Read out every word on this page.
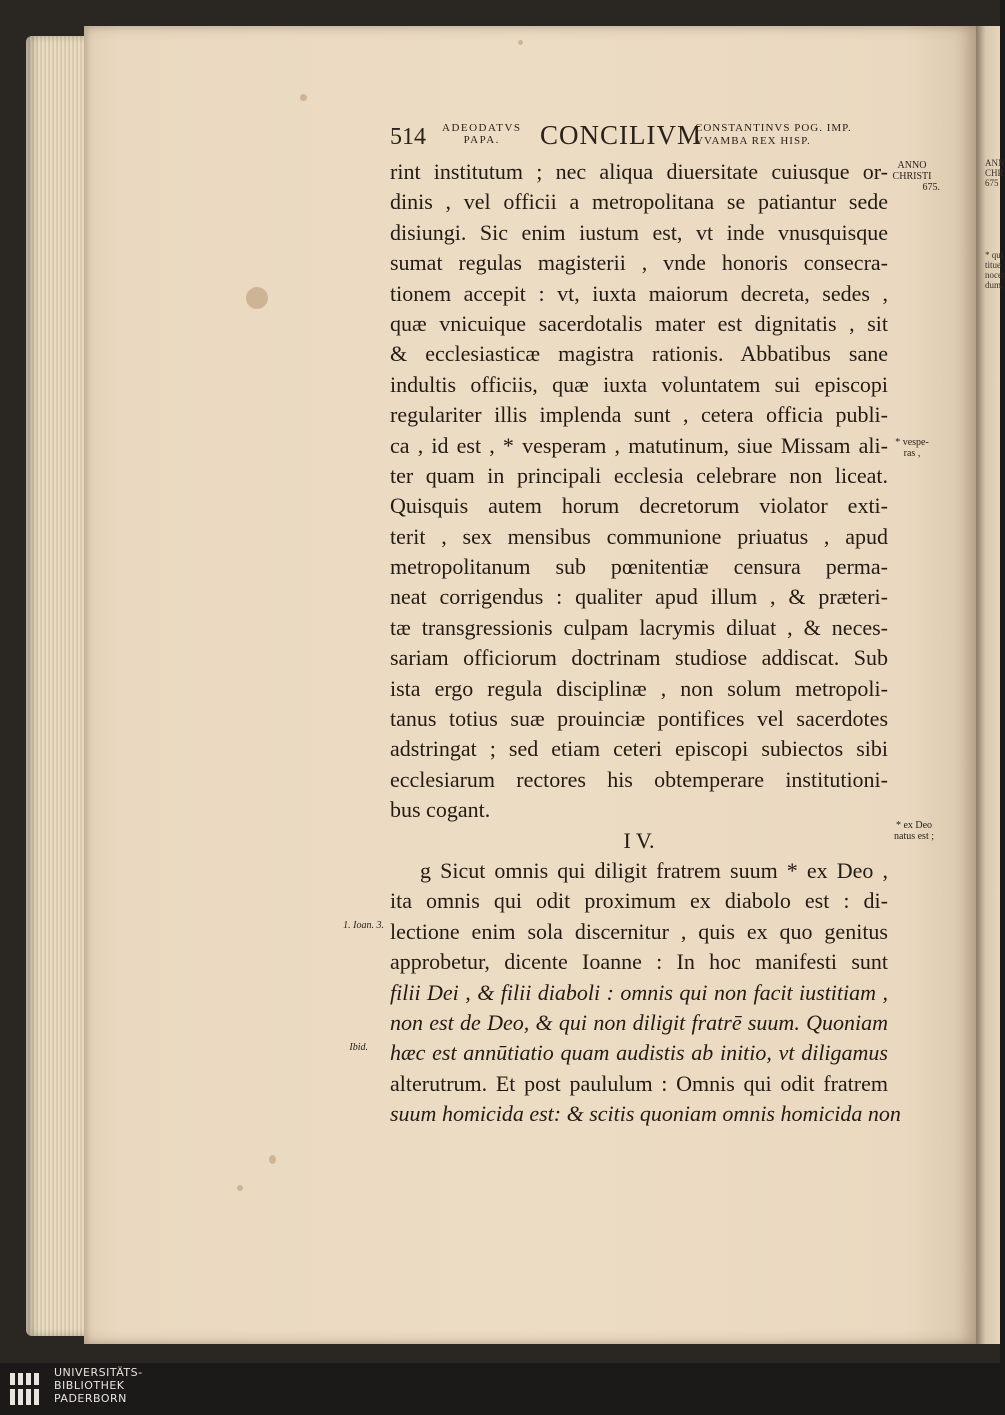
ANN
CHR
675
* qui
titue
nocet
dum,
514 ADEODATVS
PAPA.	CONCILIVM
CONSTANTINVS POG. IMP.
VVAMBA REX HISP.
rint institutum ; nec aliqua diuersitate cuiusque or-
dinis , vel officii a metropolitana se patiantur sede
disiungi. Sic enim iustum est, vt inde vnusquisque
sumat regulas magisterii , vnde honoris consecra-
tionem accepit : vt, iuxta maiorum decreta, sedes ,
quæ vnicuique sacerdotalis mater est dignitatis , sit
& ecclesiasticæ magistra rationis. Abbatibus sane
indultis officiis, quæ iuxta voluntatem sui episcopi
regulariter illis implenda sunt , cetera officia publi-
ca , id est , * vesperam , matutinum, siue Missam ali-
ter quam in principali ecclesia celebrare non liceat.
Quisquis autem horum decretorum violator exti-
terit , sex mensibus communione priuatus , apud
metropolitanum sub pœnitentiæ censura perma-
neat corrigendus : qualiter apud illum , & præteri-
tæ transgressionis culpam lacrymis diluat , & neces-
sariam officiorum doctrinam studiose addiscat. Sub
ista ergo regula disciplinæ , non solum metropoli-
tanus totius suæ prouinciæ pontifices vel sacerdotes
adstringat ; sed etiam ceteri episcopi subiectos sibi
ecclesiarum rectores his obtemperare institutioni-
bus cogant.
I V.
g Sicut omnis qui diligit fratrem suum * ex Deo ,
ita omnis qui odit proximum ex diabolo est : di-
lectione enim sola discernitur , quis ex quo genitus
approbetur, dicente Ioanne : In hoc manifesti sunt
filii Dei , & filii diaboli : omnis qui non facit iustitiam ,
non est de Deo, & qui non diligit fratrē suum. Quoniam
hæc est annūtiatio quam audistis ab initio, vt diligamus
alterutrum. Et post paululum : Omnis qui odit fratrem
suum homicida est: & scitis quoniam omnis homicida non
ANNO
CHRISTI
675.
* vespe-
ras ,
* ex Deo
natus est ;
1. Ioan. 3.
Ibid.
UNIVERSITÄTS-
BIBLIOTHEK
PADERBORN
